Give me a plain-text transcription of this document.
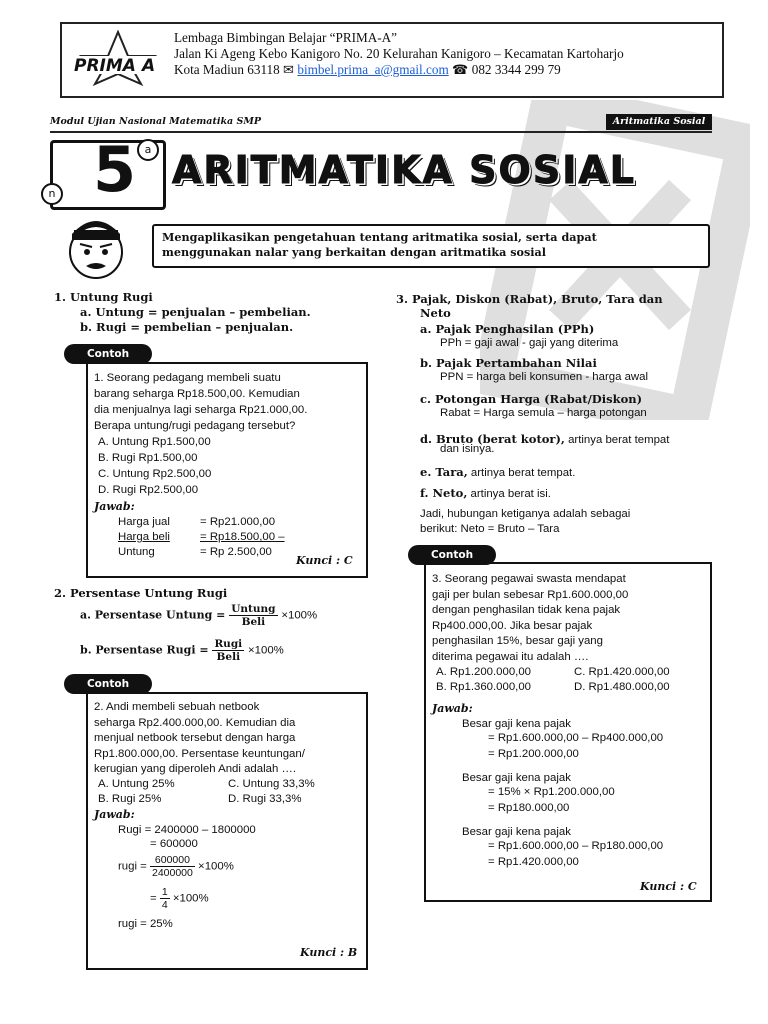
PRIMA A
Lembaga Bimbingan Belajar “PRIMA-A”
Jalan Ki Ageng Kebo Kanigoro No. 20 Kelurahan Kanigoro – Kecamatan Kartoharjo
Kota Madiun 63118 ✉ bimbel.prima_a@gmail.com ☎ 082 3344 299 79
Modul Ujian Nasional Matematika SMP	Aritmatika Sosial
5 a
n
ARITMATIKA SOSIAL
Mengaplikasikan pengetahuan tentang aritmatika sosial, serta dapat
menggunakan nalar yang berkaitan dengan aritmatika sosial
1. Untung Rugi
a. Untung = penjualan – pembelian.
b. Rugi = pembelian – penjualan.
Contoh
1. Seorang pedagang membeli suatu
barang seharga Rp18.500,00. Kemudian
dia menjualnya lagi seharga Rp21.000,00.
Berapa untung/rugi pedagang tersebut?
A. Untung Rp1.500,00
B. Rugi Rp1.500,00
C. Untung Rp2.500,00
D. Rugi Rp2.500,00
Jawab:
Harga jual	= Rp21.000,00
Harga beli	= Rp18.500,00 –
Untung	= Rp 2.500,00
Kunci : C
2. Persentase Untung Rugi
a. Persentase Untung = $\frac{\text{Untung}}{\text{Beli}} \times 100\%$
b. Persentase Rugi = $\frac{\text{Rugi}}{\text{Beli}} \times 100\%$
Contoh
2. Andi membeli sebuah netbook
seharga Rp2.400.000,00. Kemudian dia
menjual netbook tersebut dengan harga
Rp1.800.000,00. Persentase keuntungan/
kerugian yang diperoleh Andi adalah ….
A. Untung 25%	C. Untung 33,3%
B. Rugi 25%	D. Rugi 33,3%
Jawab:
Rugi = 2400000 – 1800000
= 600000
rugi = $\frac{600000}{2400000} \times 100\%$
= $\frac{1}{4} \times 100\%$
rugi = 25%
Kunci : B
3. Pajak, Diskon (Rabat), Bruto, Tara dan
Neto
a. Pajak Penghasilan (PPh)
PPh = gaji awal - gaji yang diterima
b. Pajak Pertambahan Nilai
PPN = harga beli konsumen - harga awal
c. Potongan Harga (Rabat/Diskon)
Rabat = Harga semula – harga potongan
d. Bruto (berat kotor), artinya berat tempat
dan isinya.
e. Tara, artinya berat tempat.
f. Neto, artinya berat isi.
Jadi, hubungan ketiganya adalah sebagai
berikut: Neto = Bruto – Tara
Contoh
3. Seorang pegawai swasta mendapat
gaji per bulan sebesar Rp1.600.000,00
dengan penghasilan tidak kena pajak
Rp400.000,00. Jika besar pajak
penghasilan 15%, besar gaji yang
diterima pegawai itu adalah ….
A. Rp1.200.000,00	C. Rp1.420.000,00
B. Rp1.360.000,00	D. Rp1.480.000,00
Jawab:
Besar gaji kena pajak
= Rp1.600.000,00 – Rp400.000,00
= Rp1.200.000,00
Besar gaji kena pajak
= 15% × Rp1.200.000,00
= Rp180.000,00
Besar gaji kena pajak
= Rp1.600.000,00 – Rp180.000,00
= Rp1.420.000,00
Kunci : C
